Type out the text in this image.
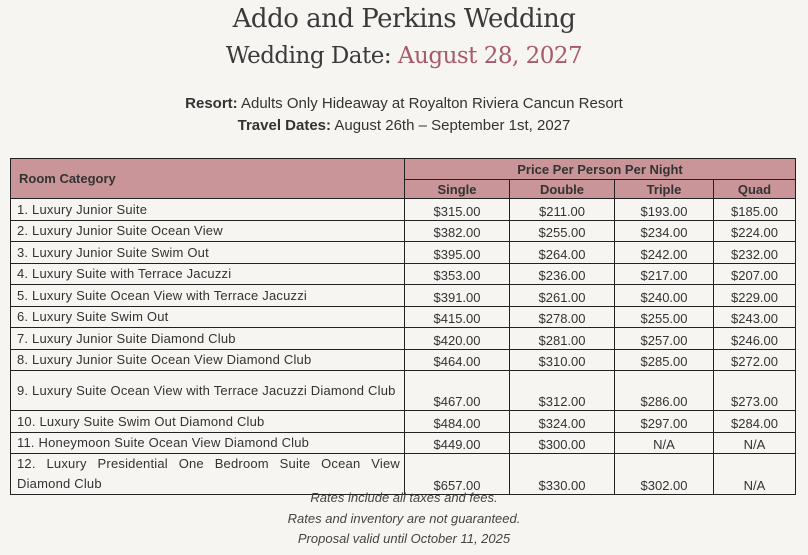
Addo and Perkins Wedding
Wedding Date: August 28, 2027
Resort: Adults Only Hideaway at Royalton Riviera Cancun Resort
Travel Dates: August 26th – September 1st, 2027
Room Category	Price Per Person Per Night			
	Single	Double	Triple	Quad
1. Luxury Junior Suite	$315.00	$211.00	$193.00	$185.00
2. Luxury Junior Suite Ocean View	$382.00	$255.00	$234.00	$224.00
3. Luxury Junior Suite Swim Out	$395.00	$264.00	$242.00	$232.00
4. Luxury Suite with Terrace Jacuzzi	$353.00	$236.00	$217.00	$207.00
5. Luxury Suite Ocean View with Terrace Jacuzzi	$391.00	$261.00	$240.00	$229.00
6. Luxury Suite Swim Out	$415.00	$278.00	$255.00	$243.00
7. Luxury Junior Suite Diamond Club	$420.00	$281.00	$257.00	$246.00
8. Luxury Junior Suite Ocean View Diamond Club	$464.00	$310.00	$285.00	$272.00
9. Luxury Suite Ocean View with Terrace Jacuzzi Diamond Club	$467.00	$312.00	$286.00	$273.00
10. Luxury Suite Swim Out Diamond Club	$484.00	$324.00	$297.00	$284.00
11. Honeymoon Suite Ocean View Diamond Club	$449.00	$300.00	N/A	N/A
12. Luxury Presidential One Bedroom Suite Ocean View Diamond Club	$657.00	$330.00	$302.00	N/A
Rates include all taxes and fees.
Rates and inventory are not guaranteed.
Proposal valid until October 11, 2025
